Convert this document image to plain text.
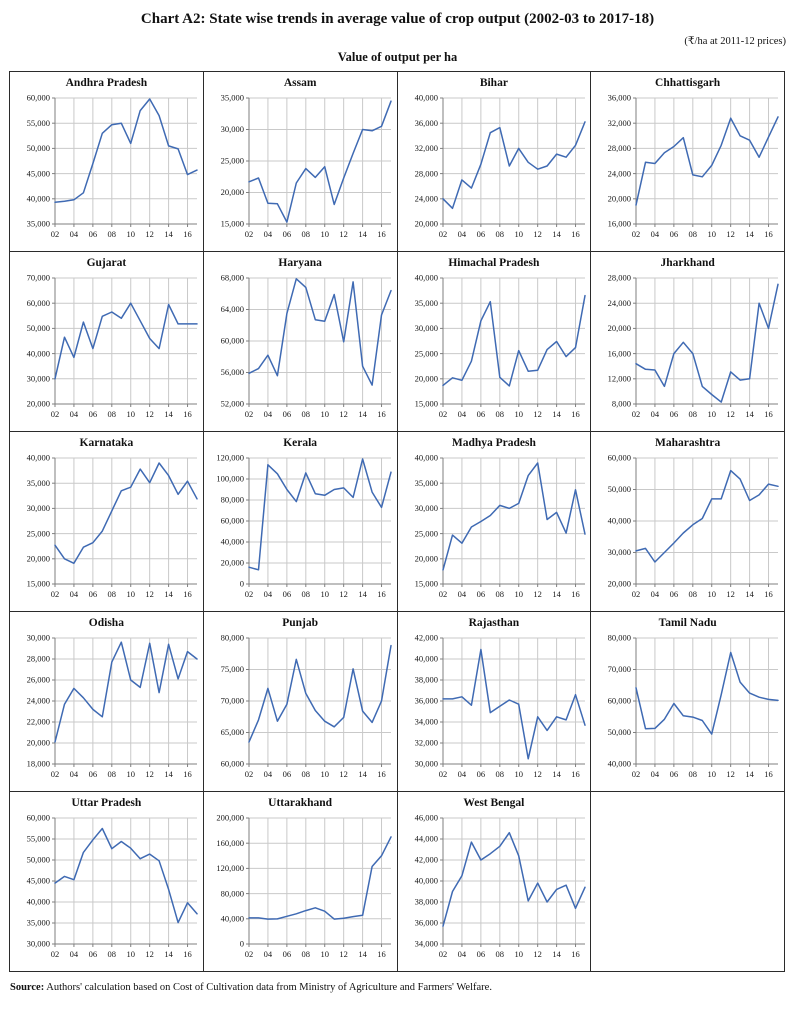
Chart A2: State wise trends in average value of crop output (2002-03 to 2017-18)
(₹/ha at 2011-12 prices)
Value of output per ha
Andhra Pradesh
35,000
40,000
45,000
50,000
55,000
60,000
02 04 06 08 10 12 14 16
Assam
15,000
20,000
25,000
30,000
35,000
02 04 06 08 10 12 14 16
Bihar
20,000
24,000
28,000
32,000
36,000
40,000
02 04 06 08 10 12 14 16
Chhattisgarh
16,000
20,000
24,000
28,000
32,000
36,000
02 04 06 08 10 12 14 16
Gujarat
20,000
30,000
40,000
50,000
60,000
70,000
02 04 06 08 10 12 14 16
Haryana
52,000
56,000
60,000
64,000
68,000
02 04 06 08 10 12 14 16
Himachal Pradesh
15,000
20,000
25,000
30,000
35,000
40,000
02 04 06 08 10 12 14 16
Jharkhand
8,000
12,000
16,000
20,000
24,000
28,000
02 04 06 08 10 12 14 16
Karnataka
15,000
20,000
25,000
30,000
35,000
40,000
02 04 06 08 10 12 14 16
Kerala
0
20,000
40,000
60,000
80,000
100,000
120,000
02 04 06 08 10 12 14 16
Madhya Pradesh
15,000
20,000
25,000
30,000
35,000
40,000
02 04 06 08 10 12 14 16
Maharashtra
20,000
30,000
40,000
50,000
60,000
02 04 06 08 10 12 14 16
Odisha
18,000
20,000
22,000
24,000
26,000
28,000
30,000
02 04 06 08 10 12 14 16
Punjab
60,000
65,000
70,000
75,000
80,000
02 04 06 08 10 12 14 16
Rajasthan
30,000
32,000
34,000
36,000
38,000
40,000
42,000
02 04 06 08 10 12 14 16
Tamil Nadu
40,000
50,000
60,000
70,000
80,000
02 04 06 08 10 12 14 16
Uttar Pradesh
30,000
35,000
40,000
45,000
50,000
55,000
60,000
02 04 06 08 10 12 14 16
Uttarakhand
0
40,000
80,000
120,000
160,000
200,000
02 04 06 08 10 12 14 16
West Bengal
34,000
36,000
38,000
40,000
42,000
44,000
46,000
02 04 06 08 10 12 14 16
Source: Authors' calculation based on Cost of Cultivation data from Ministry of Agriculture and Farmers' Welfare.
